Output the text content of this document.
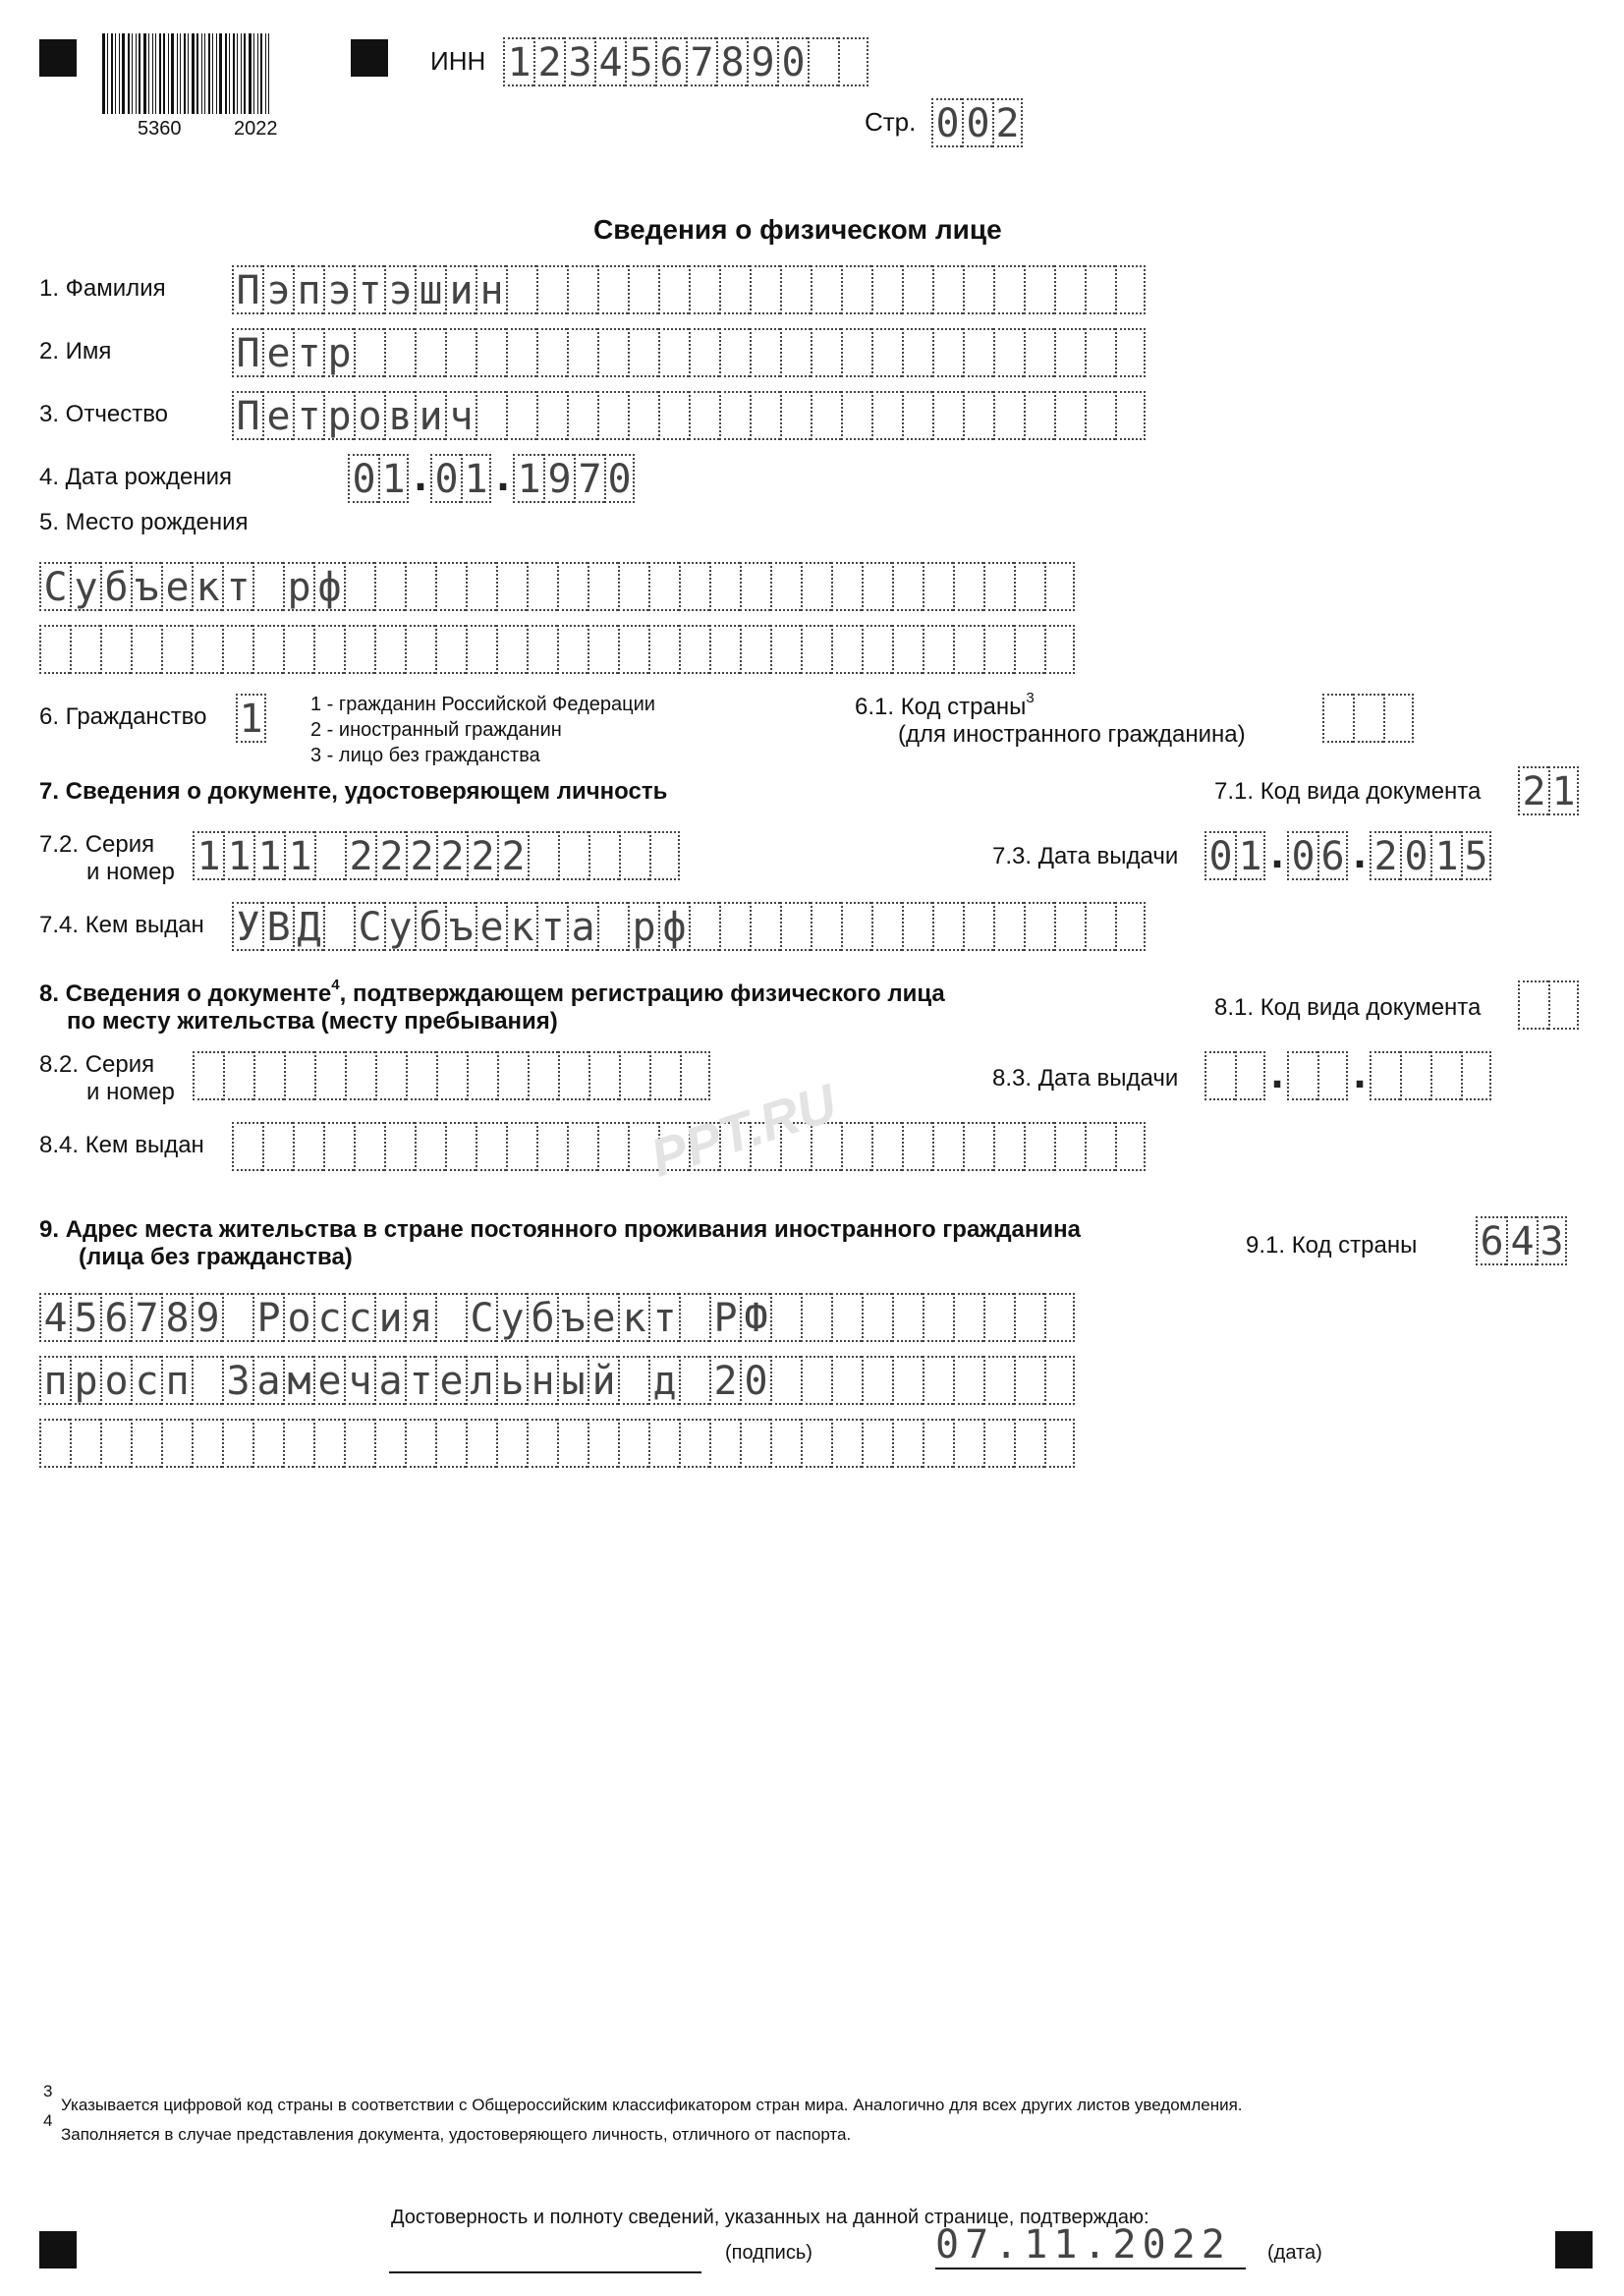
5360	2022
ИНН 1 2 3 4 5 6 7 8 9 0
Стр. 0 0 2
Сведения о физическом лице
1. Фамилия П э п э т э ш и н
2. Имя	П е т р
3. Отчество П е т р о в и ч
4. Дата рождения	0 1 . 0 1 . 1 9 7 0
5. Место рождения
С у б ъ е к т р ф
6. Гражданство 1 1 - гражданин Российской Федерации
2 - иностранный гражданин
3 - лицо без гражданства
6.1. Код страны$^3$
(для иностранного гражданина)
7. Сведения о документе, удостоверяющем личность	7.1. Код вида документа 2 1
7.2. Серия
и номер 1 1 1 1 2 2 2 2 2 2	7.3. Дата выдачи 0 1 . 0 6 . 2 0 1 5
7.4. Кем выдан У В Д С у б ъ е к т а р ф
8. Сведения о документе$^4$, подтверждающем регистрацию физического лица
по месту жительства (месту пребывания)
8.1. Код вида документа
8.2. Серия
и номер
8.3. Дата выдачи . .
8.4. Кем выдан	PPT.RU
9. Адрес места жительства в стране постоянного проживания иностранного гражданина
(лица без гражданства)	9.1. Код страны 6 4 3
4 5 6 7 8 9 Р о с с и я С у б ъ е к т Р Ф
п р о с п З а м е ч а т е л ь н ы й д 2 0
3
Указывается цифровой код страны в соответствии с Общероссийским классификатором стран мира. Аналогично для всех других листов уведомления.
4
Заполняется в случае представления документа, удостоверяющего личность, отличного от паспорта.
Достоверность и полноту сведений, указанных на данной странице, подтверждаю:
(подпись)	07.11.2022 (дата)
